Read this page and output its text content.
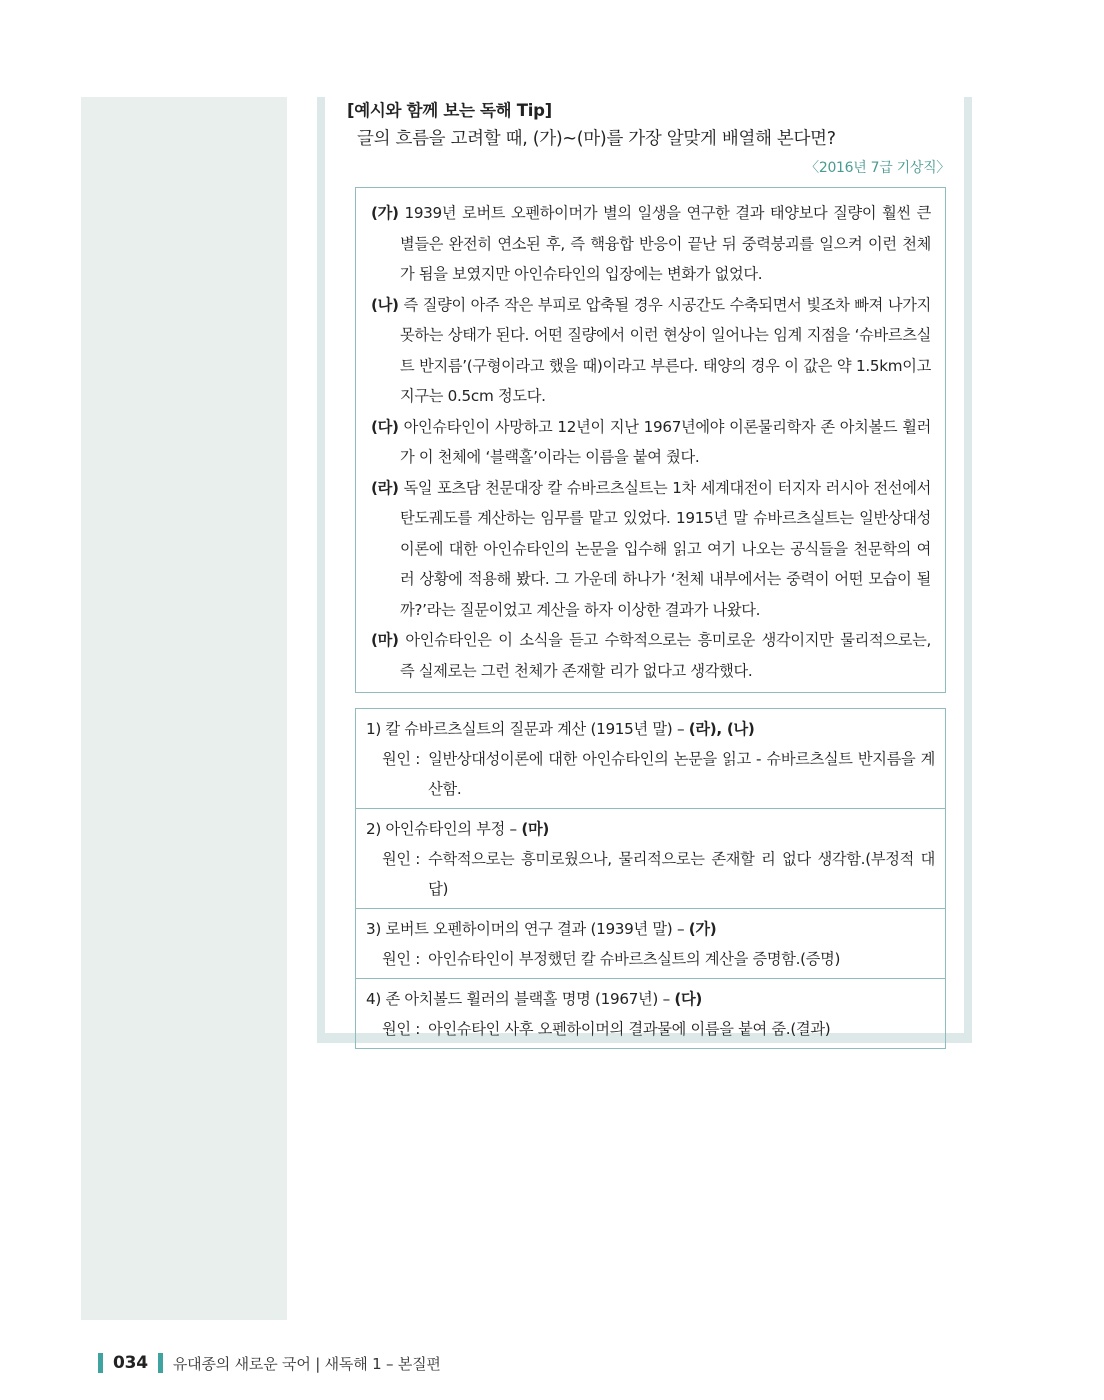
[예시와 함께 보는 독해 Tip]
글의 흐름을 고려할 때, (가)~(마)를 가장 알맞게 배열해 본다면?
〈2016년 7급 기상직〉
(가) 1939년 로버트 오펜하이머가 별의 일생을 연구한 결과 태양보다 질량이 훨씬 큰 별들은 완전히 연소된 후, 즉 핵융합 반응이 끝난 뒤 중력붕괴를 일으켜 이런 천체가 됨을 보였지만 아인슈타인의 입장에는 변화가 없었다.
(나) 즉 질량이 아주 작은 부피로 압축될 경우 시공간도 수축되면서 빛조차 빠져 나가지 못하는 상태가 된다. 어떤 질량에서 이런 현상이 일어나는 임계 지점을 ‘슈바르츠실트 반지름’(구형이라고 했을 때)이라고 부른다. 태양의 경우 이 값은 약 1.5km이고 지구는 0.5cm 정도다.
(다) 아인슈타인이 사망하고 12년이 지난 1967년에야 이론물리학자 존 아치볼드 휠러가 이 천체에 ‘블랙홀’이라는 이름을 붙여 줬다.
(라) 독일 포츠담 천문대장 칼 슈바르츠실트는 1차 세계대전이 터지자 러시아 전선에서 탄도궤도를 계산하는 임무를 맡고 있었다. 1915년 말 슈바르츠실트는 일반상대성이론에 대한 아인슈타인의 논문을 입수해 읽고 여기 나오는 공식들을 천문학의 여러 상황에 적용해 봤다. 그 가운데 하나가 ‘천체 내부에서는 중력이 어떤 모습이 될까?’라는 질문이었고 계산을 하자 이상한 결과가 나왔다.
(마) 아인슈타인은 이 소식을 듣고 수학적으로는 흥미로운 생각이지만 물리적으로는, 즉 실제로는 그런 천체가 존재할 리가 없다고 생각했다.
1) 칼 슈바르츠실트의 질문과 계산 (1915년 말) – (라), (나)
원인 : 일반상대성이론에 대한 아인슈타인의 논문을 읽고 - 슈바르츠실트 반지름을 계산함.
2) 아인슈타인의 부정 – (마)
원인 : 수학적으로는 흥미로웠으나, 물리적으로는 존재할 리 없다 생각함.(부정적 대답)
3) 로버트 오펜하이머의 연구 결과 (1939년 말) – (가)
원인 : 아인슈타인이 부정했던 칼 슈바르츠실트의 계산을 증명함.(증명)
4) 존 아치볼드 휠러의 블랙홀 명명 (1967년) – (다)
원인 : 아인슈타인 사후 오펜하이머의 결과물에 이름을 붙여 줌.(결과)
034 유대종의 새로운 국어 | 새독해 1 – 본질편
